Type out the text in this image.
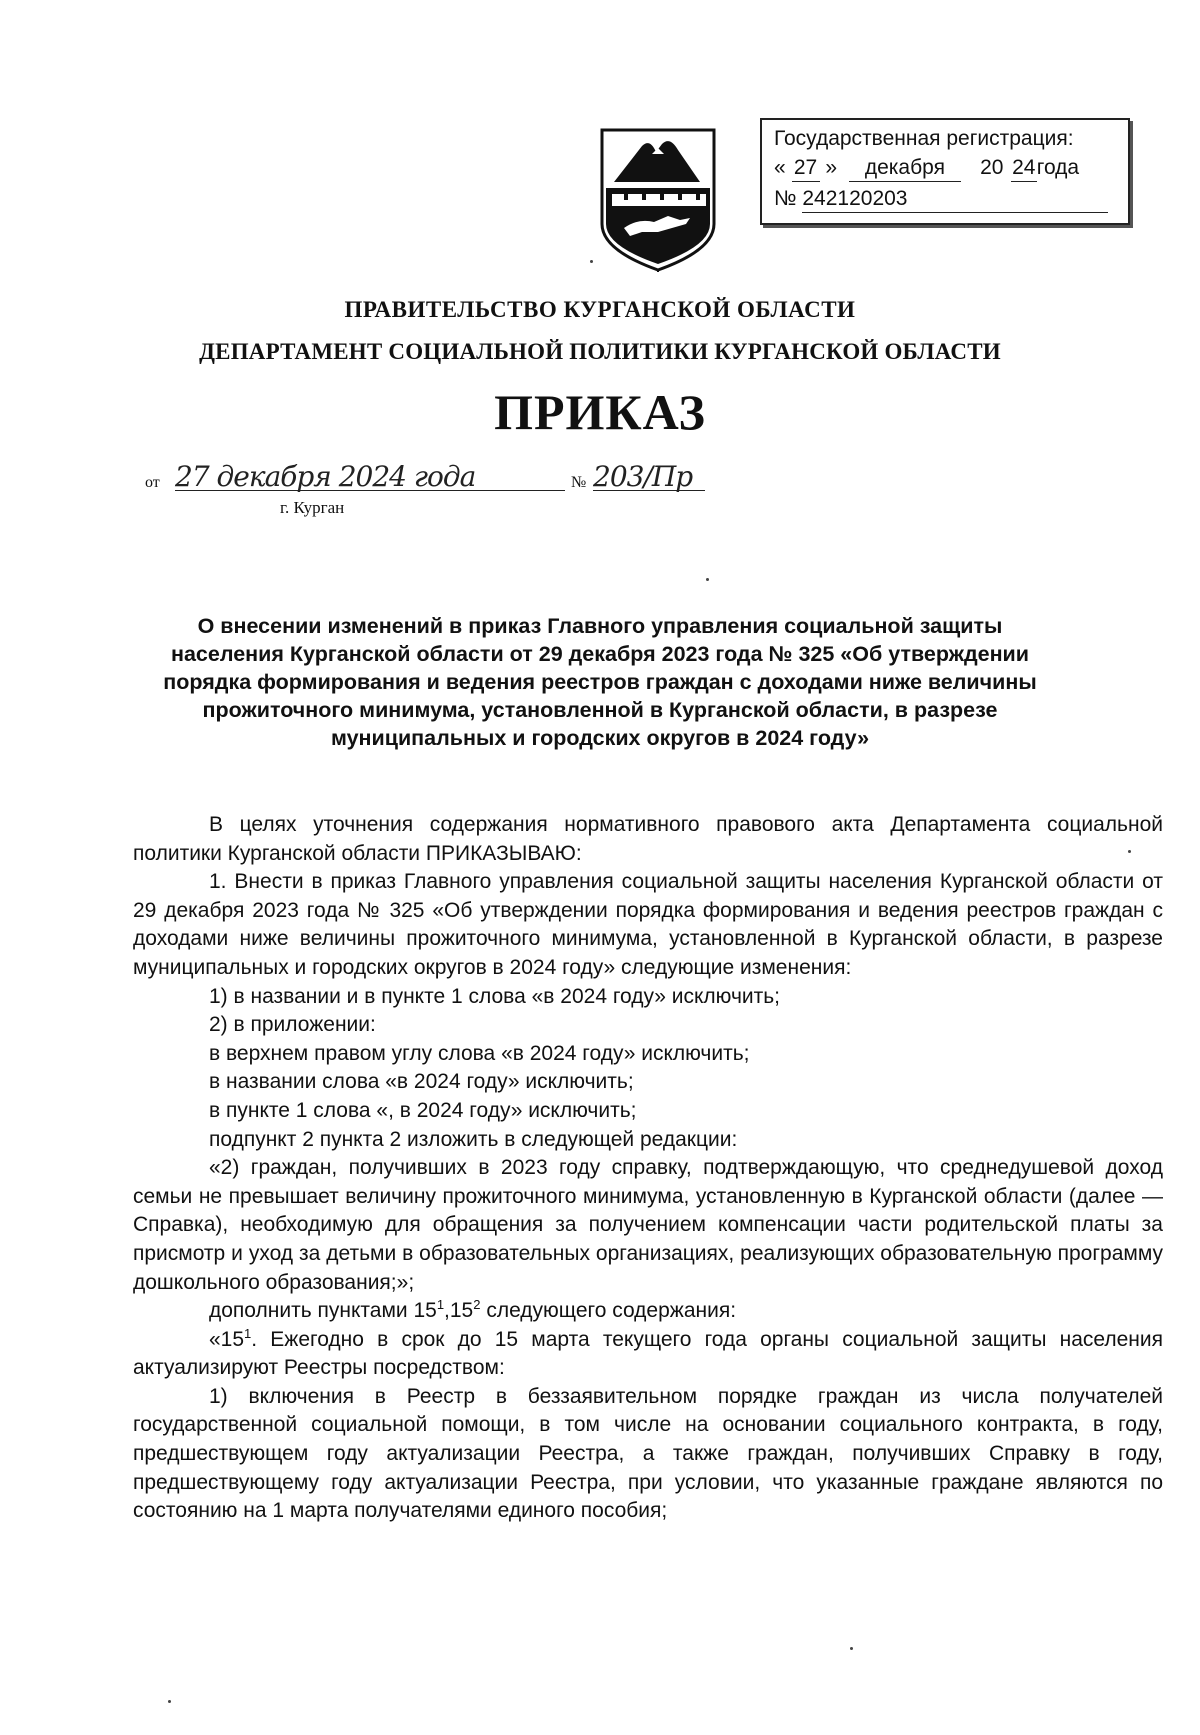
Государственная регистрация:
« 27 » декабря 20 24года
№ 242120203
ПРАВИТЕЛЬСТВО КУРГАНСКОЙ ОБЛАСТИ
ДЕПАРТАМЕНТ СОЦИАЛЬНОЙ ПОЛИТИКИ КУРГАНСКОЙ ОБЛАСТИ
ПРИКАЗ
от 27 декабря 2024 года	№ 203/Пр
г. Курган
О внесении изменений в приказ Главного управления социальной защиты населения Курганской области от 29 декабря 2023 года № 325 «Об утверждении порядка формирования и ведения реестров граждан с доходами ниже величины прожиточного минимума, установленной в Курганской области, в разрезе муниципальных и городских округов в 2024 году»

В целях уточнения содержания нормативного правового акта Департамента социальной политики Курганской области ПРИКАЗЫВАЮ:

1. Внести в приказ Главного управления социальной защиты населения Курганской области от 29 декабря 2023 года № 325 «Об утверждении порядка формирования и ведения реестров граждан с доходами ниже величины прожиточного минимума, установленной в Курганской области, в разрезе муниципальных и городских округов в 2024 году» следующие изменения:

1) в названии и в пункте 1 слова «в 2024 году» исключить;

2) в приложении:

в верхнем правом углу слова «в 2024 году» исключить;

в названии слова «в 2024 году» исключить;

в пункте 1 слова «, в 2024 году» исключить;

подпункт 2 пункта 2 изложить в следующей редакции:

«2) граждан, получивших в 2023 году справку, подтверждающую, что среднедушевой доход семьи не превышает величину прожиточного минимума, установленную в Курганской области (далее — Справка), необходимую для обращения за получением компенсации части родительской платы за присмотр и уход за детьми в образовательных организациях, реализующих образовательную программу дошкольного образования;»;

дополнить пунктами $15^1,15^2$ следующего содержания:

«$15^1$. Ежегодно в срок до 15 марта текущего года органы социальной защиты населения актуализируют Реестры посредством:

1) включения в Реестр в беззаявительном порядке граждан из числа получателей государственной социальной помощи, в том числе на основании социального контракта, в году, предшествующем году актуализации Реестра, а также граждан, получивших Справку в году, предшествующему году актуализации Реестра, при условии, что указанные граждане являются по состоянию на 1 марта получателями единого пособия;
